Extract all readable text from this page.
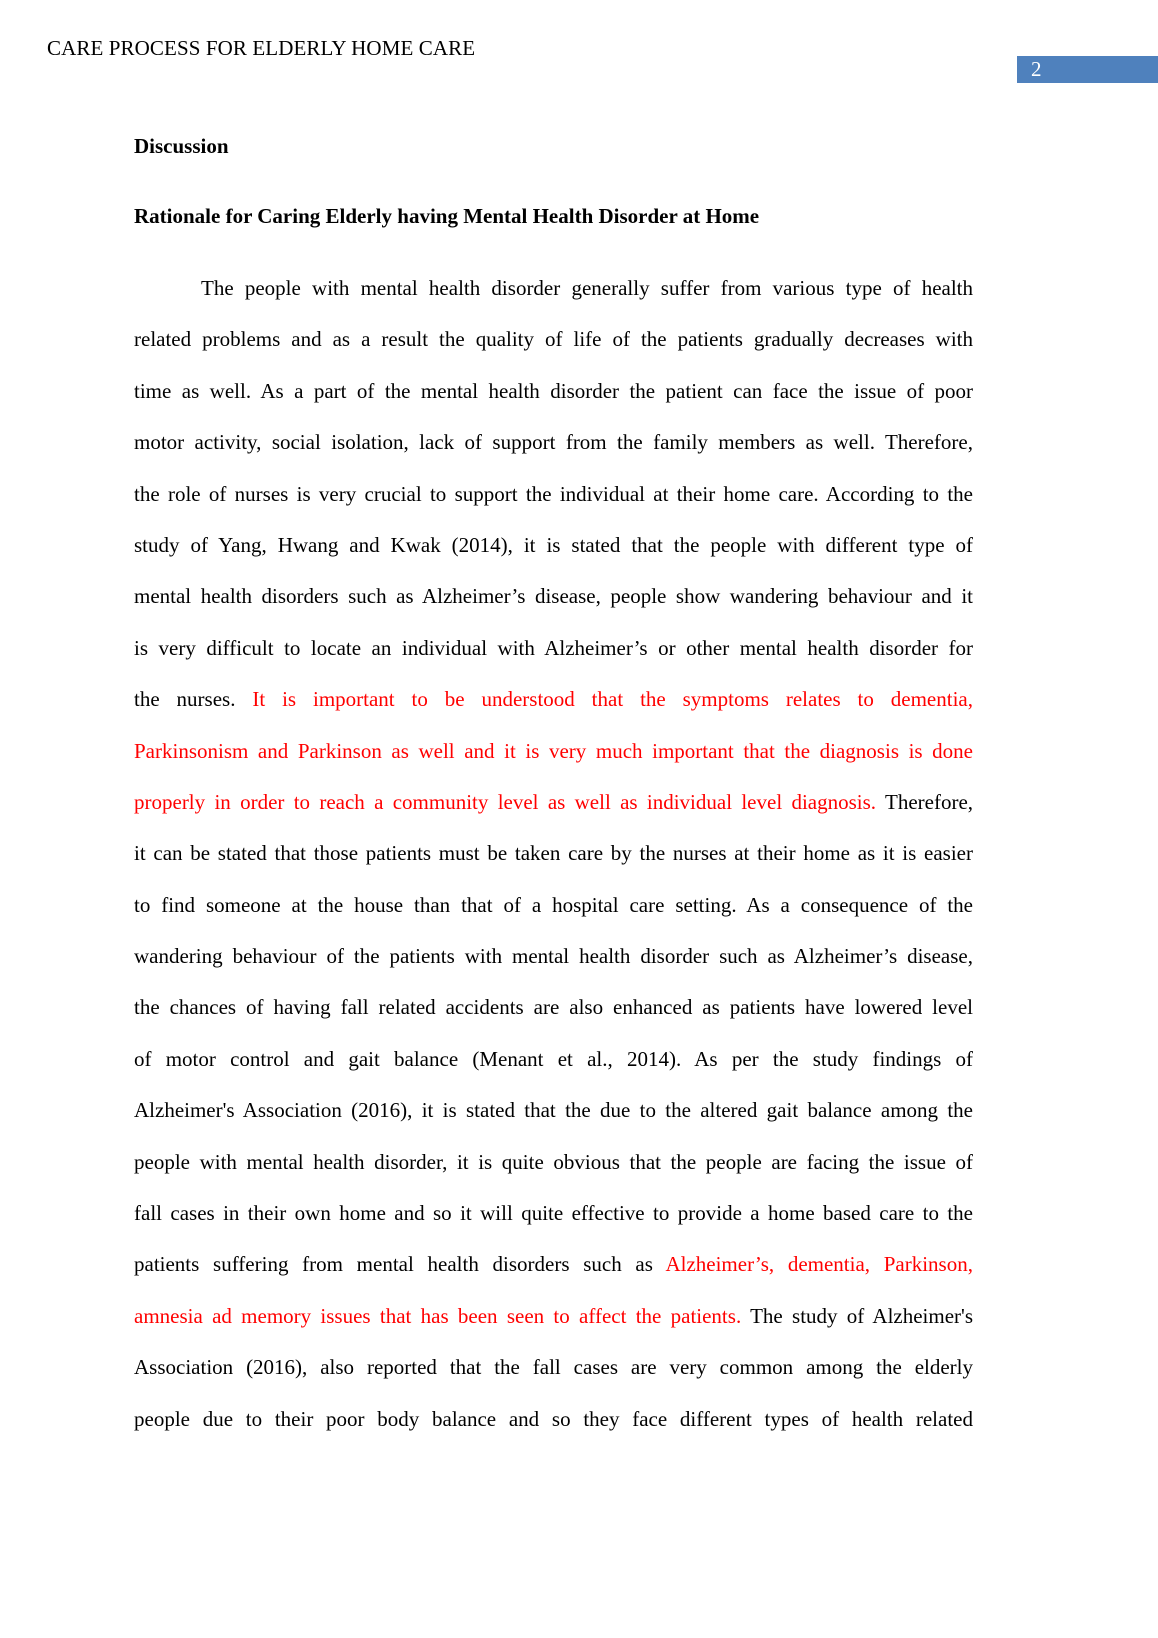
CARE PROCESS FOR ELDERLY HOME CARE
2
Discussion
Rationale for Caring Elderly having Mental Health Disorder at Home
The people with mental health disorder generally suffer from various type of health
related problems and as a result the quality of life of the patients gradually decreases with
time as well. As a part of the mental health disorder the patient can face the issue of poor
motor activity, social isolation, lack of support from the family members as well. Therefore,
the role of nurses is very crucial to support the individual at their home care. According to the
study of Yang, Hwang and Kwak (2014), it is stated that the people with different type of
mental health disorders such as Alzheimer’s disease, people show wandering behaviour and it
is very difficult to locate an individual with Alzheimer’s or other mental health disorder for
the nurses. It is important to be understood that the symptoms relates to dementia,
Parkinsonism and Parkinson as well and it is very much important that the diagnosis is done
properly in order to reach a community level as well as individual level diagnosis. Therefore,
it can be stated that those patients must be taken care by the nurses at their home as it is easier
to find someone at the house than that of a hospital care setting. As a consequence of the
wandering behaviour of the patients with mental health disorder such as Alzheimer’s disease,
the chances of having fall related accidents are also enhanced as patients have lowered level
of motor control and gait balance (Menant et al., 2014). As per the study findings of
Alzheimer's Association (2016), it is stated that the due to the altered gait balance among the
people with mental health disorder, it is quite obvious that the people are facing the issue of
fall cases in their own home and so it will quite effective to provide a home based care to the
patients suffering from mental health disorders such as Alzheimer’s, dementia, Parkinson,
amnesia ad memory issues that has been seen to affect the patients. The study of Alzheimer's
Association (2016), also reported that the fall cases are very common among the elderly
people due to their poor body balance and so they face different types of health related
